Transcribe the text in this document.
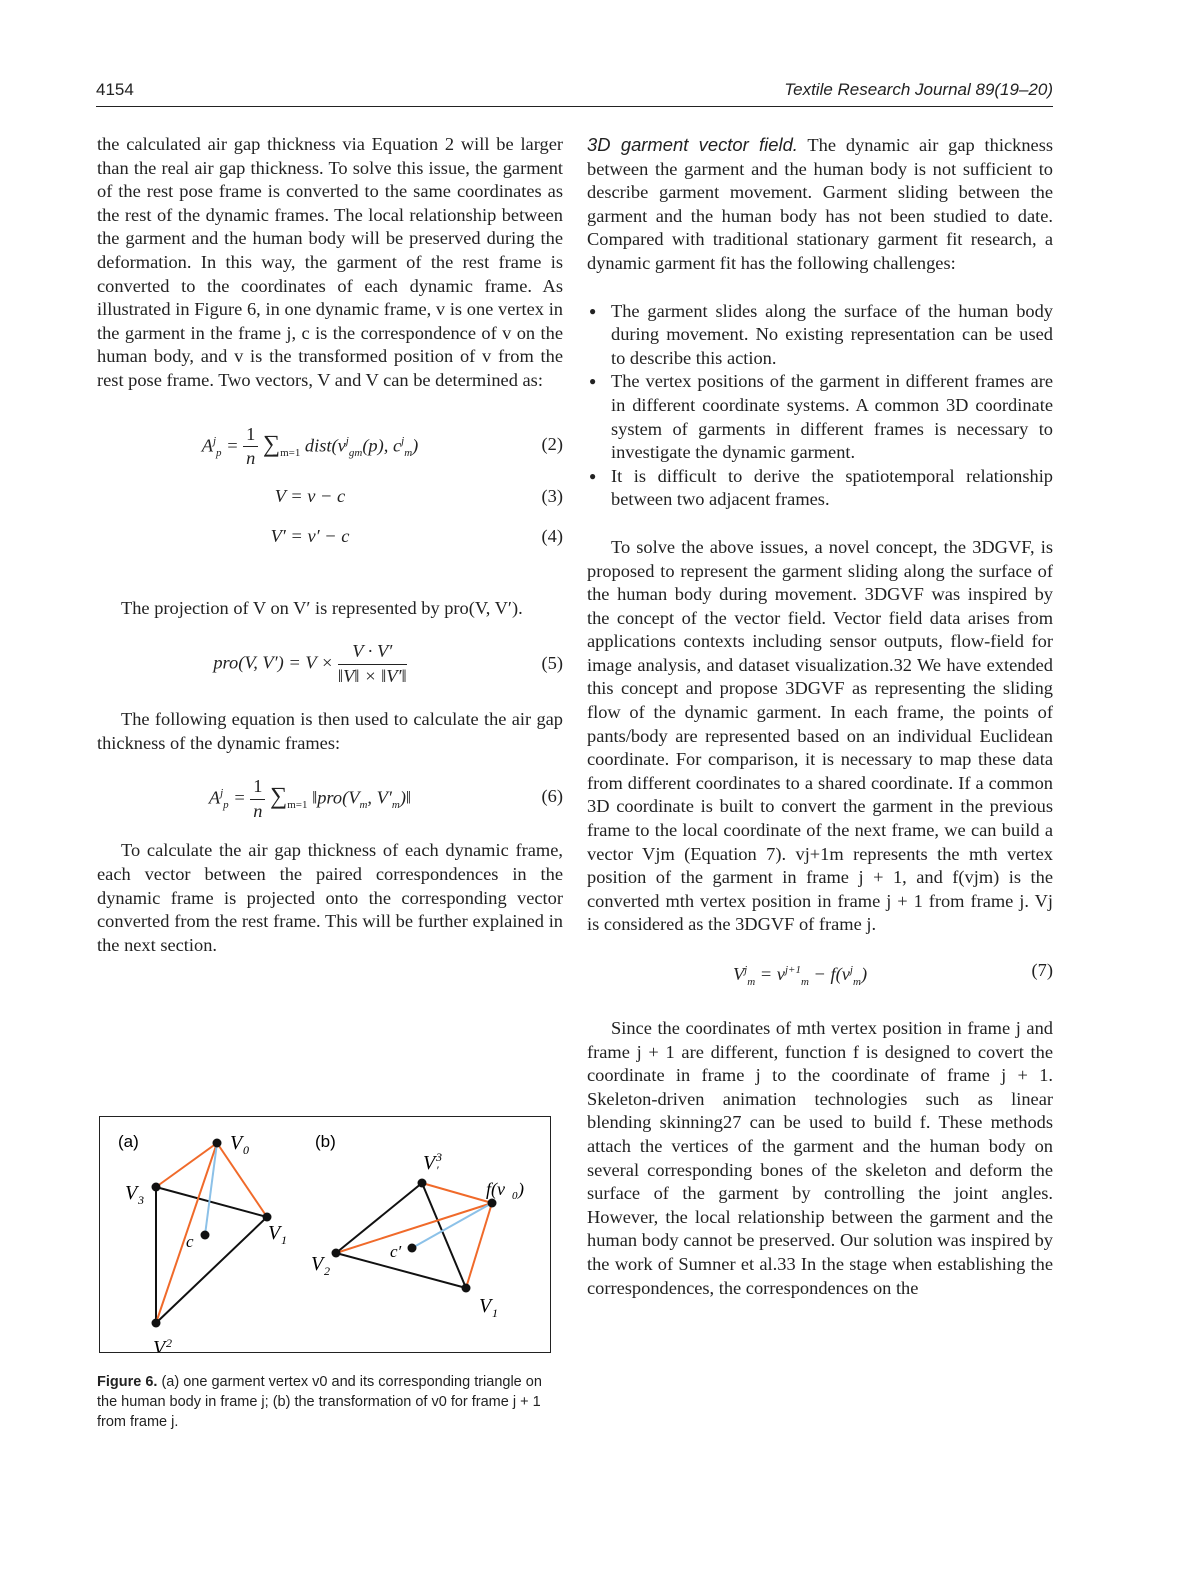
4154	Textile Research Journal 89(19–20)

the calculated air gap thickness via Equation 2 will be larger than the real air gap thickness. To solve this issue, the garment of the rest pose frame is converted to the same coordinates as the rest of the dynamic frames. The local relationship between the garment and the human body will be preserved during the deformation. In this way, the garment of the rest frame is converted to the coordinates of each dynamic frame. As illustrated in Figure 6, in one dynamic frame, v is one vertex in the garment in the frame j, c is the correspondence of v on the human body, and v is the transformed position of v from the rest pose frame. Two vectors, V and V can be determined as:

$A^j_p = \frac{1}{n} \sum_{m=1}$ $dist(v^j_{gm}(p)$, $c^j_m$)	(2)
V = v − c	(3)
V′ = v′ − c	(4)

The projection of V on V′ is represented by pro(V, V′).

pro(V, $V') = V \times \frac{V \cdot V'}{‖V‖ \times ‖V'‖}$	(5)

The following equation is then used to calculate the air gap thickness of the dynamic frames:

$A^j_p = \frac{1}{n} \sum_{m=1}$ $‖pro(V_m$, $V'_m)‖$	(6)

To calculate the air gap thickness of each dynamic frame, each vector between the paired correspondences in the dynamic frame is projected onto the corresponding vector converted from the rest frame. This will be further explained in the next section.

(a)	(b)
V 0
V 3
V 1
V 2
c
V ′
3
f(v 0 )
V 2
V 1
c′
Figure 6. (a) one garment vertex v0 and its corresponding triangle on the human body in frame j; (b) the transformation of v0 for frame j + 1 from frame j.

3D garment vector field. The dynamic air gap thickness between the garment and the human body is not sufficient to describe garment movement. Garment sliding between the garment and the human body has not been studied to date. Compared with traditional stationary garment fit research, a dynamic garment fit has the following challenges:

● The garment slides along the surface of the human body during movement. No existing representation can be used to describe this action.
● The vertex positions of the garment in different frames are in different coordinate systems. A common 3D coordinate system of garments in different frames is necessary to investigate the dynamic garment.
● It is difficult to derive the spatiotemporal relationship between two adjacent frames.

To solve the above issues, a novel concept, the 3DGVF, is proposed to represent the garment sliding along the surface of the human body during movement. 3DGVF was inspired by the concept of the vector field. Vector field data arises from applications contexts including sensor outputs, flow-field for image analysis, and dataset visualization.32 We have extended this concept and propose 3DGVF as representing the sliding flow of the dynamic garment. In each frame, the points of pants/body are represented based on an individual Euclidean coordinate. For comparison, it is necessary to map these data from different coordinates to a shared coordinate. If a common 3D coordinate is built to convert the garment in the previous frame to the local coordinate of the next frame, we can build a vector Vjm (Equation 7). vj+1m represents the mth vertex position of the garment in frame j + 1, and f(vjm) is the converted mth vertex position in frame j + 1 from frame j. Vj is considered as the 3DGVF of frame j.

$V^j_m = v^{j+1}_m - f(v^j_m)$	(7)

Since the coordinates of mth vertex position in frame j and frame j + 1 are different, function f is designed to covert the coordinate in frame j to the coordinate of frame j + 1. Skeleton-driven animation technologies such as linear blending skinning27 can be used to build f. These methods attach the vertices of the garment and the human body on several corresponding bones of the skeleton and deform the surface of the garment by controlling the joint angles. However, the local relationship between the garment and the human body cannot be preserved. Our solution was inspired by the work of Sumner et al.33 In the stage when establishing the correspondences, the correspondences on the
